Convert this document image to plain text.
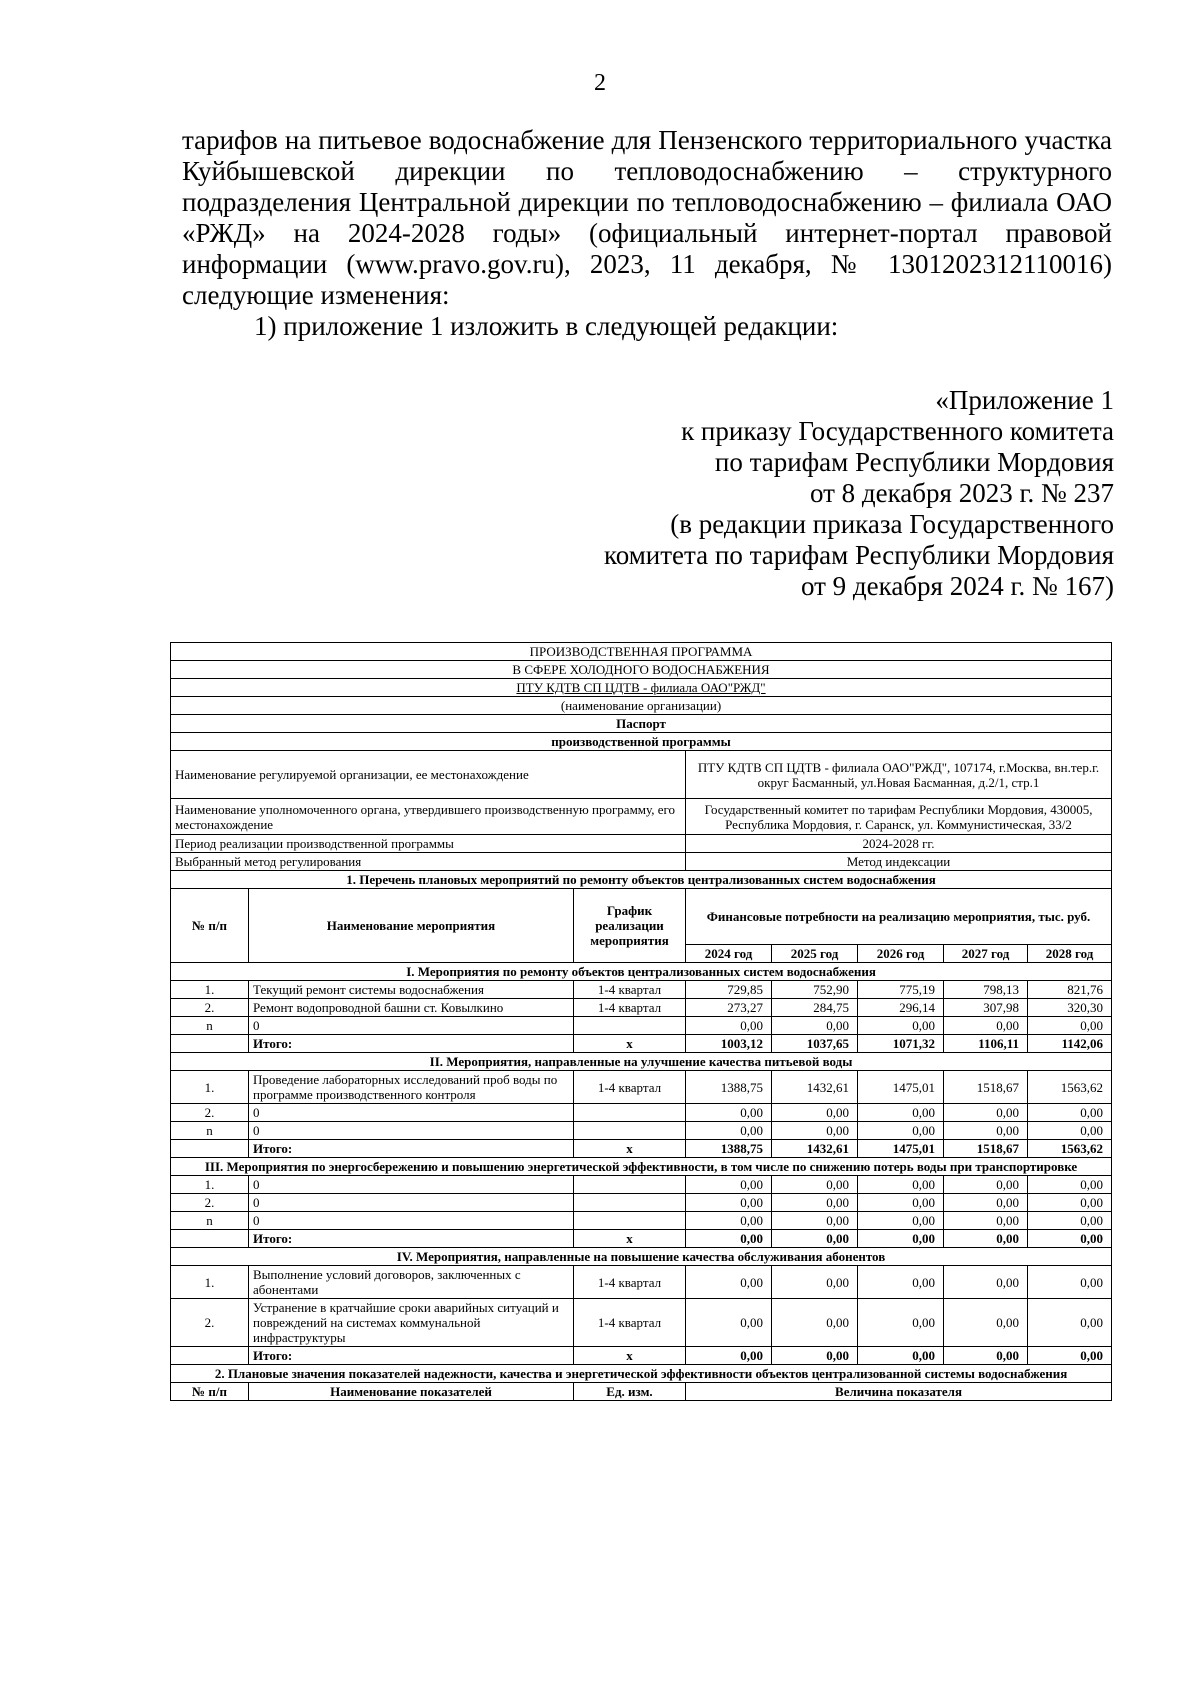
2

тарифов на питьевое водоснабжение для Пензенского территориального участка Куйбышевской дирекции по тепловодоснабжению – структурного подразделения Центральной дирекции по тепловодоснабжению – филиала ОАО «РЖД» на 2024-2028 годы» (официальный интернет-портал правовой информации (www.pravo.gov.ru), 2023, 11 декабря, № 1301202312110016) следующие изменения:

1) приложение 1 изложить в следующей редакции:

«Приложение 1
к приказу Государственного комитета
по тарифам Республики Мордовия
от 8 декабря 2023 г. № 237
(в редакции приказа Государственного
комитета по тарифам Республики Мордовия
от 9 декабря 2024 г. № 167)
ПРОИЗВОДСТВЕННАЯ ПРОГРАММА							
В СФЕРЕ ХОЛОДНОГО ВОДОСНАБЖЕНИЯ							
ПТУ КДТВ СП ЦДТВ - филиала ОАО"РЖД"							
(наименование организации)							
Паспорт							
производственной программы							
Наименование регулируемой организации, ее местонахождение			ПТУ КДТВ СП ЦДТВ - филиала ОАО"РЖД", 107174, г.Москва, вн.тер.г. округ Басманный, ул.Новая Басманная, д.2/1, стр.1				
Наименование уполномоченного органа, утвердившего производственную программу, его местонахождение			Государственный комитет по тарифам Республики Мордовия, 430005, Республика Мордовия, г. Саранск, ул. Коммунистическая, 33/2				
Период реализации производственной программы			2024-2028 гг.				
Выбранный метод регулирования			Метод индексации				
1. Перечень плановых мероприятий по ремонту объектов централизованных систем водоснабжения							
№ п/п	Наименование мероприятия	График реализации мероприятия	Финансовые потребности на реализацию мероприятия, тыс. руб.				
			2024 год	2025 год	2026 год	2027 год	2028 год
I. Мероприятия по ремонту объектов централизованных систем водоснабжения							
1.	Текущий ремонт системы водоснабжения	1-4 квартал	729,85	752,90	775,19	798,13	821,76
2.	Ремонт водопроводной башни ст. Ковылкино	1-4 квартал	273,27	284,75	296,14	307,98	320,30
n	0		0,00	0,00	0,00	0,00	0,00
	Итого:	х	1003,12	1037,65	1071,32	1106,11	1142,06
II. Мероприятия, направленные на улучшение качества питьевой воды							
1.	Проведение лабораторных исследований проб воды по программе производственного контроля	1-4 квартал	1388,75	1432,61	1475,01	1518,67	1563,62
2.	0		0,00	0,00	0,00	0,00	0,00
n	0		0,00	0,00	0,00	0,00	0,00
	Итого:	х	1388,75	1432,61	1475,01	1518,67	1563,62
III. Мероприятия по энергосбережению и повышению энергетической эффективности, в том числе по снижению потерь воды при транспортировке							
1.	0		0,00	0,00	0,00	0,00	0,00
2.	0		0,00	0,00	0,00	0,00	0,00
n	0		0,00	0,00	0,00	0,00	0,00
	Итого:	х	0,00	0,00	0,00	0,00	0,00
IV. Мероприятия, направленные на повышение качества обслуживания абонентов							
1.	Выполнение условий договоров, заключенных с абонентами	1-4 квартал	0,00	0,00	0,00	0,00	0,00
2.	Устранение в кратчайшие сроки аварийных ситуаций и повреждений на системах коммунальной инфраструктуры	1-4 квартал	0,00	0,00	0,00	0,00	0,00
	Итого:	х	0,00	0,00	0,00	0,00	0,00
2. Плановые значения показателей надежности, качества и энергетической эффективности объектов централизованной системы водоснабжения							
№ п/п	Наименование показателей	Ед. изм.	Величина показателя				
